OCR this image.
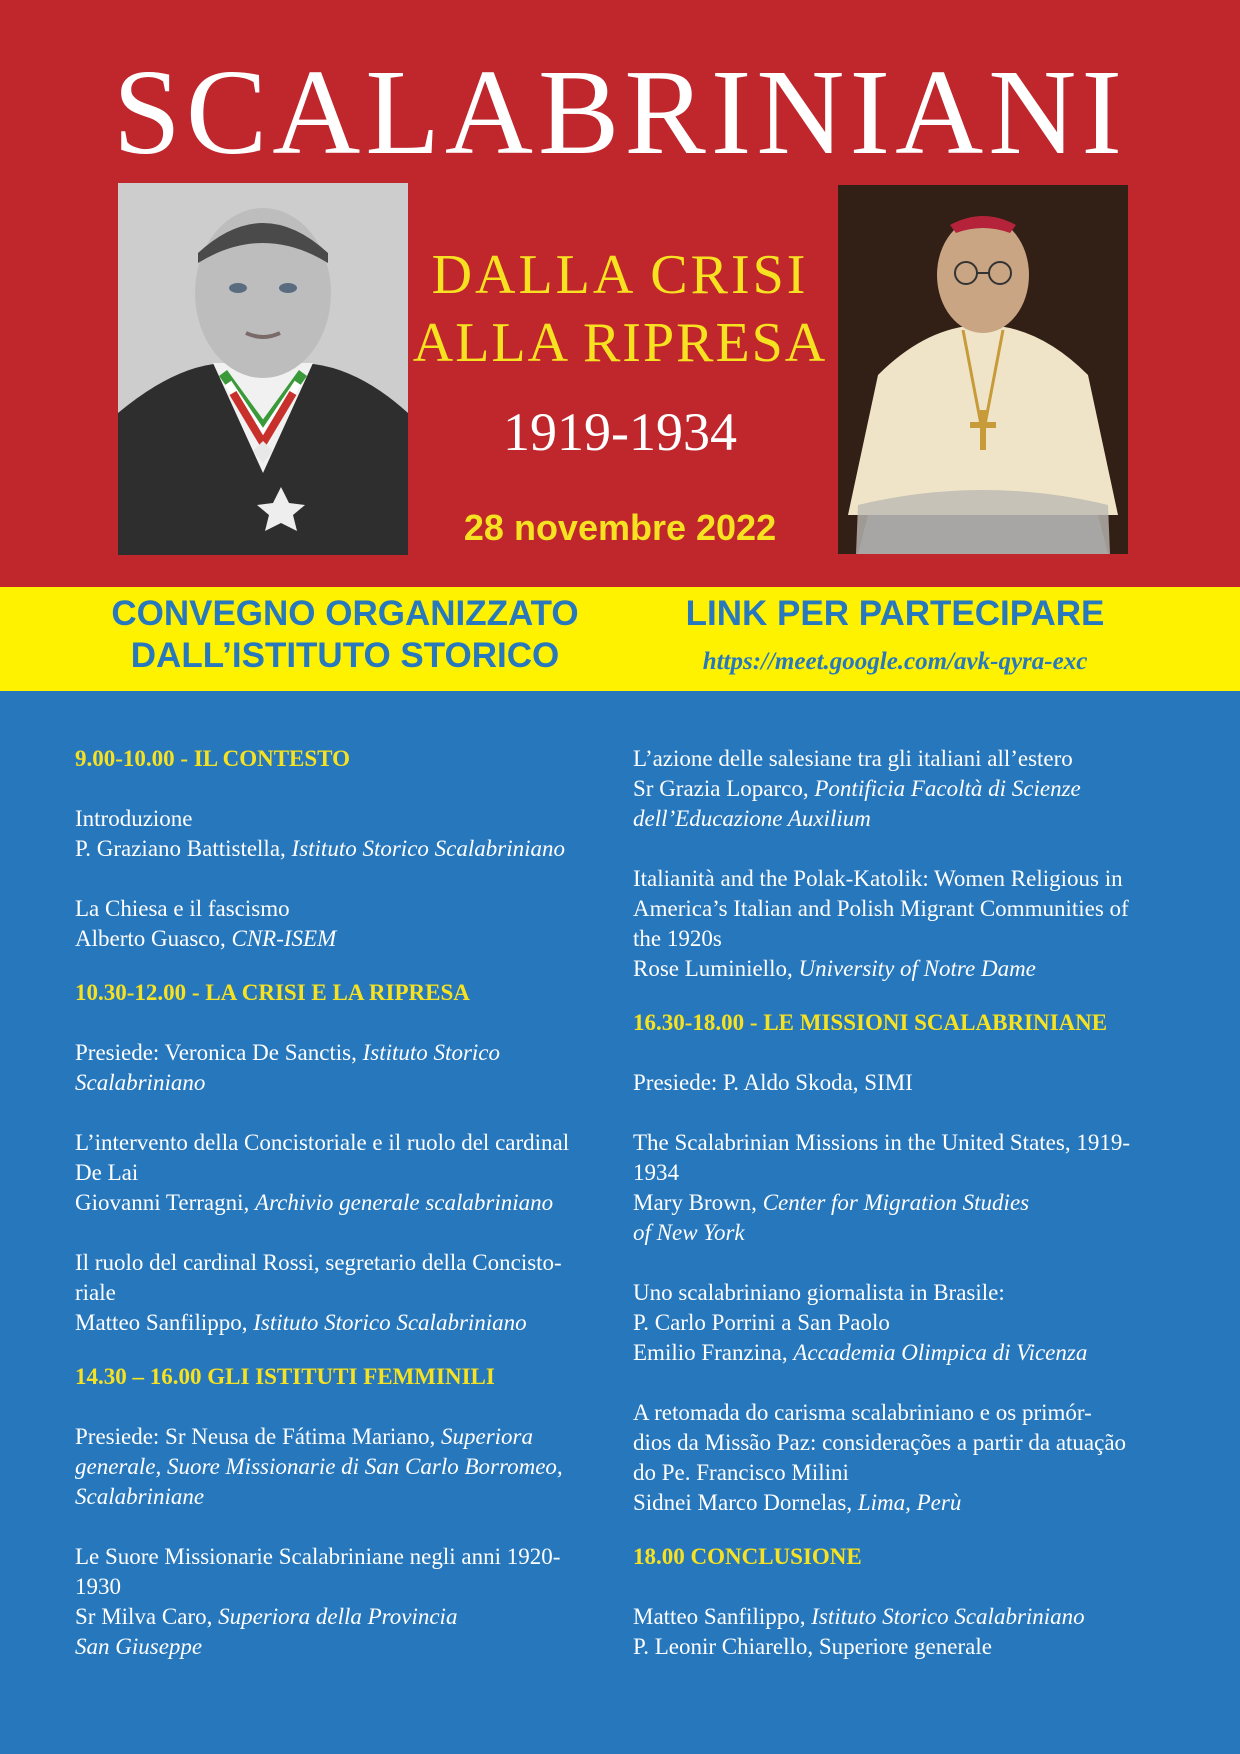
SCALABRINIANI
DALLA CRISI
ALLA RIPRESA
1919-1934
28 novembre 2022
CONVEGNO ORGANIZZATO
DALL’ISTITUTO STORICO
LINK PER PARTECIPARE
https://meet.google.com/avk-qyra-exc
9.00-10.00 - IL CONTESTO
Introduzione
P. Graziano Battistella, Istituto Storico Scalabriniano
La Chiesa e il fascismo
Alberto Guasco, CNR-ISEM
10.30-12.00 - LA CRISI E LA RIPRESA
Presiede: Veronica De Sanctis, Istituto Storico
Scalabriniano
L’intervento della Concistoriale e il ruolo del cardinal
De Lai
Giovanni Terragni, Archivio generale scalabriniano
Il ruolo del cardinal Rossi, segretario della Concisto-
riale
Matteo Sanfilippo, Istituto Storico Scalabriniano
14.30 – 16.00 GLI ISTITUTI FEMMINILI
Presiede: Sr Neusa de Fátima Mariano, Superiora
generale, Suore Missionarie di San Carlo Borromeo,
Scalabriniane
Le Suore Missionarie Scalabriniane negli anni 1920-
1930
Sr Milva Caro, Superiora della Provincia
San Giuseppe
L’azione delle salesiane tra gli italiani all’estero
Sr Grazia Loparco, Pontificia Facoltà di Scienze
dell’Educazione Auxilium
Italianità and the Polak-Katolik: Women Religious in
America’s Italian and Polish Migrant Communities of
the 1920s
Rose Luminiello, University of Notre Dame
16.30-18.00 - LE MISSIONI SCALABRINIANE
Presiede: P. Aldo Skoda, SIMI
The Scalabrinian Missions in the United States, 1919-
1934
Mary Brown, Center for Migration Studies
of New York
Uno scalabriniano giornalista in Brasile:
P. Carlo Porrini a San Paolo
Emilio Franzina, Accademia Olimpica di Vicenza
A retomada do carisma scalabriniano e os primór-
dios da Missão Paz: considerações a partir da atuação
do Pe. Francisco Milini
Sidnei Marco Dornelas, Lima, Perù
18.00 CONCLUSIONE
Matteo Sanfilippo, Istituto Storico Scalabriniano
P. Leonir Chiarello, Superiore generale
